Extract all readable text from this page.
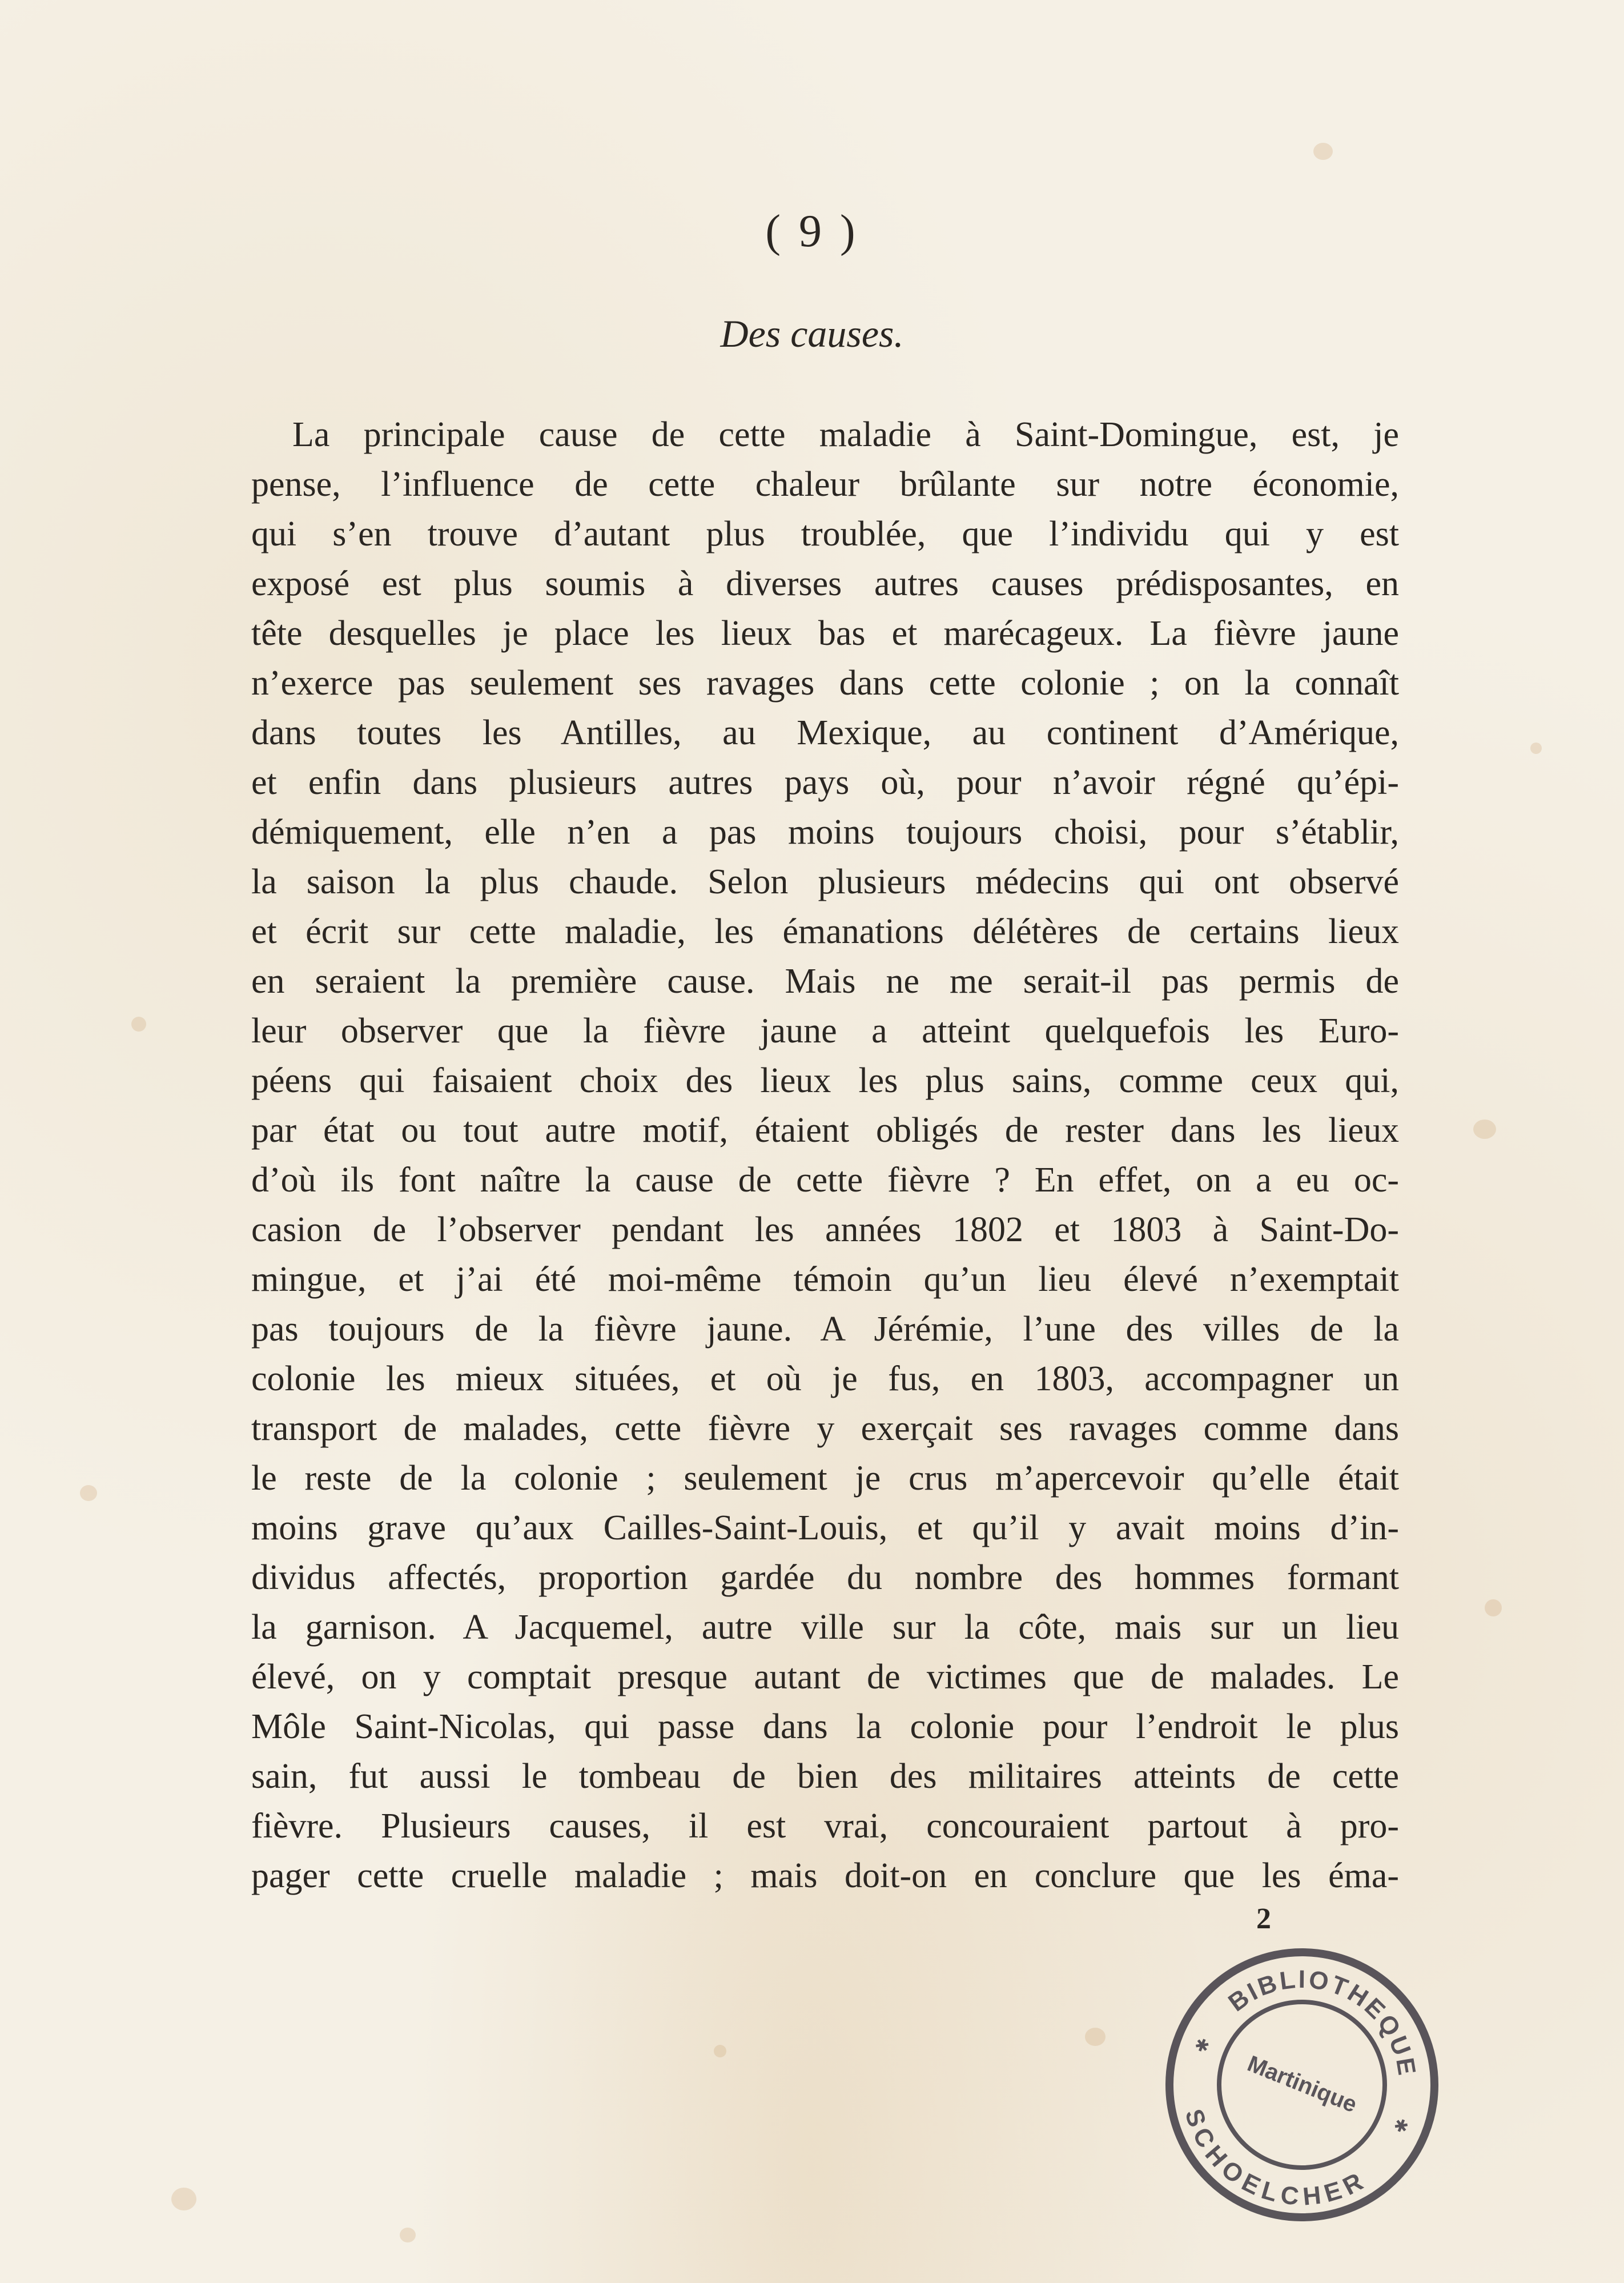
( 9 )
Des causes.
La principale cause de cette maladie à Saint-Domingue, est, je
pense, l’influence de cette chaleur brûlante sur notre économie,
qui s’en trouve d’autant plus troublée, que l’individu qui y est
exposé est plus soumis à diverses autres causes prédisposantes, en
tête desquelles je place les lieux bas et marécageux. La fièvre jaune
n’exerce pas seulement ses ravages dans cette colonie ; on la connaît
dans toutes les Antilles, au Mexique, au continent d’Amérique,
et enfin dans plusieurs autres pays où, pour n’avoir régné qu’épi-
démiquement, elle n’en a pas moins toujours choisi, pour s’établir,
la saison la plus chaude. Selon plusieurs médecins qui ont observé
et écrit sur cette maladie, les émanations délétères de certains lieux
en seraient la première cause. Mais ne me serait-il pas permis de
leur observer que la fièvre jaune a atteint quelquefois les Euro-
péens qui faisaient choix des lieux les plus sains, comme ceux qui,
par état ou tout autre motif, étaient obligés de rester dans les lieux
d’où ils font naître la cause de cette fièvre ? En effet, on a eu oc-
casion de l’observer pendant les années 1802 et 1803 à Saint-Do-
mingue, et j’ai été moi-même témoin qu’un lieu élevé n’exemptait
pas toujours de la fièvre jaune. A Jérémie, l’une des villes de la
colonie les mieux situées, et où je fus, en 1803, accompagner un
transport de malades, cette fièvre y exerçait ses ravages comme dans
le reste de la colonie ; seulement je crus m’apercevoir qu’elle était
moins grave qu’aux Cailles-Saint-Louis, et qu’il y avait moins d’in-
dividus affectés, proportion gardée du nombre des hommes formant
la garnison. A Jacquemel, autre ville sur la côte, mais sur un lieu
élevé, on y comptait presque autant de victimes que de malades. Le
Môle Saint-Nicolas, qui passe dans la colonie pour l’endroit le plus
sain, fut aussi le tombeau de bien des militaires atteints de cette
fièvre. Plusieurs causes, il est vrai, concouraient partout à pro-
pager cette cruelle maladie ; mais doit-on en conclure que les éma-
2
BIBLIOTHEQUE
SCHOELCHER
Martinique
✱
✱
